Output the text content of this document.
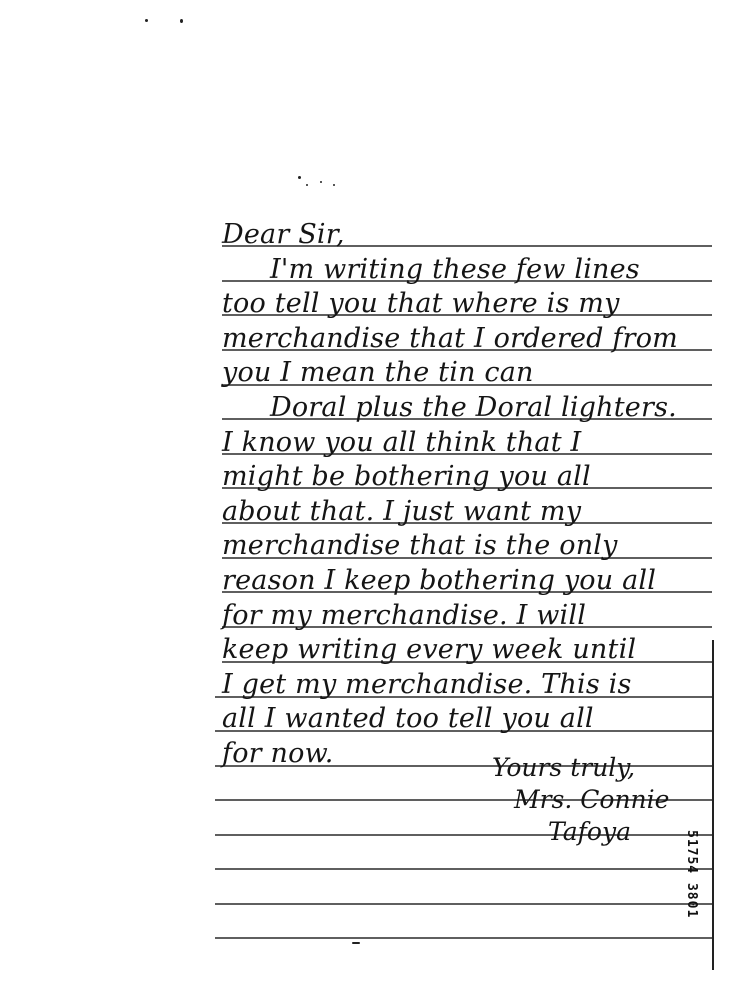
Dear Sir,
I'm writing these few lines
too tell you that where is my
merchandise that I ordered from
you I mean the tin can
Doral plus the Doral lighters.
I know you all think that I
might be bothering you all
about that. I just want my
merchandise that is the only
reason I keep bothering you all
for my merchandise. I will
keep writing every week until
I get my merchandise. This is
all I wanted too tell you all
for now.	Yours truly,
Mrs. Connie
Tafoya	51754 3801
